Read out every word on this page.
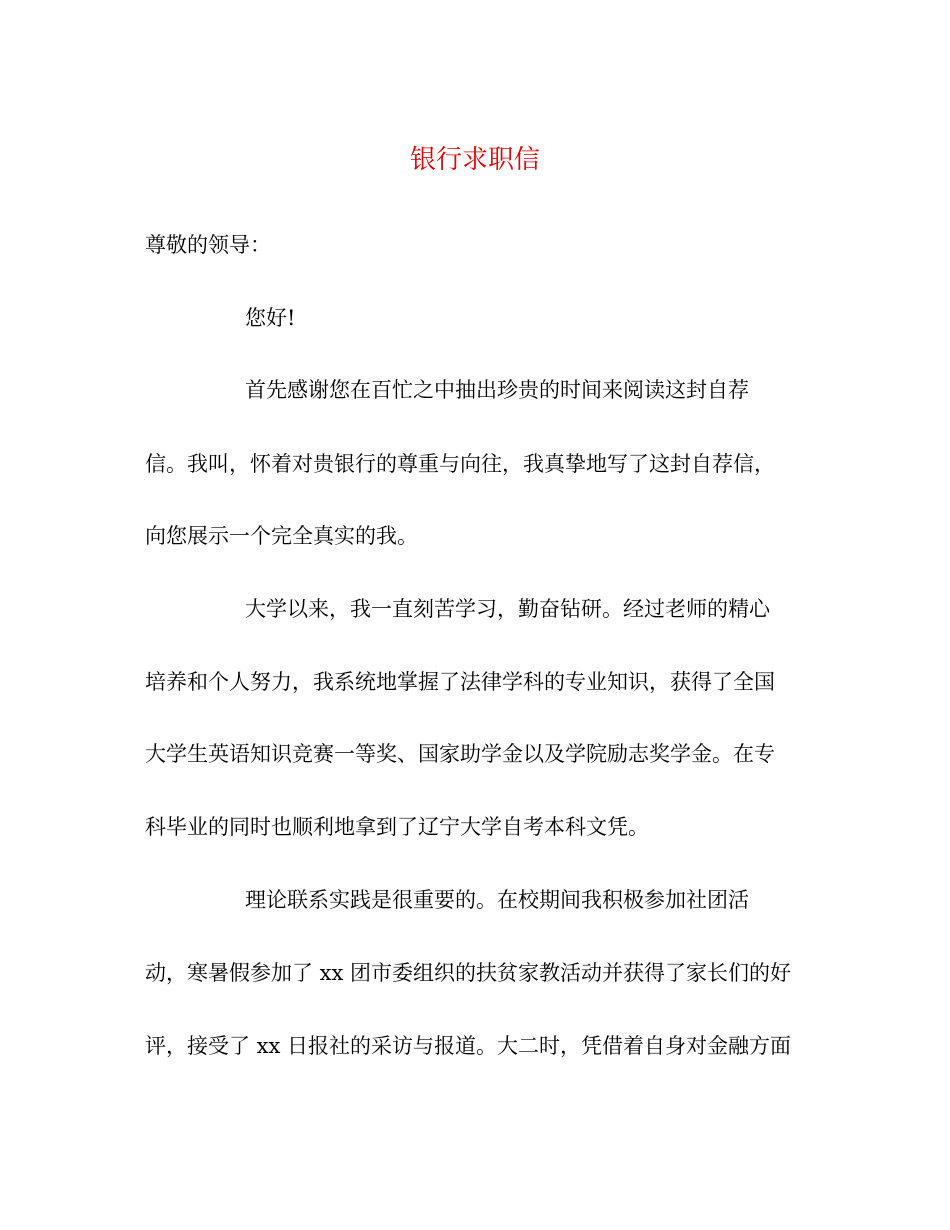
银行求职信

尊敬的领导：

您好!

首先感谢您在百忙之中抽出珍贵的时间来阅读这封自荐

信。我叫，怀着对贵银行的尊重与向往，我真挚地写了这封自荐信，

向您展示一个完全真实的我。

大学以来，我一直刻苦学习，勤奋钻研。经过老师的精心

培养和个人努力，我系统地掌握了法律学科的专业知识，获得了全国

大学生英语知识竞赛一等奖、国家助学金以及学院励志奖学金。在专

科毕业的同时也顺利地拿到了辽宁大学自考本科文凭。

理论联系实践是很重要的。在校期间我积极参加社团活

动，寒暑假参加了 xx 团市委组织的扶贫家教活动并获得了家长们的好

评，接受了 xx 日报社的采访与报道。大二时，凭借着自身对金融方面
